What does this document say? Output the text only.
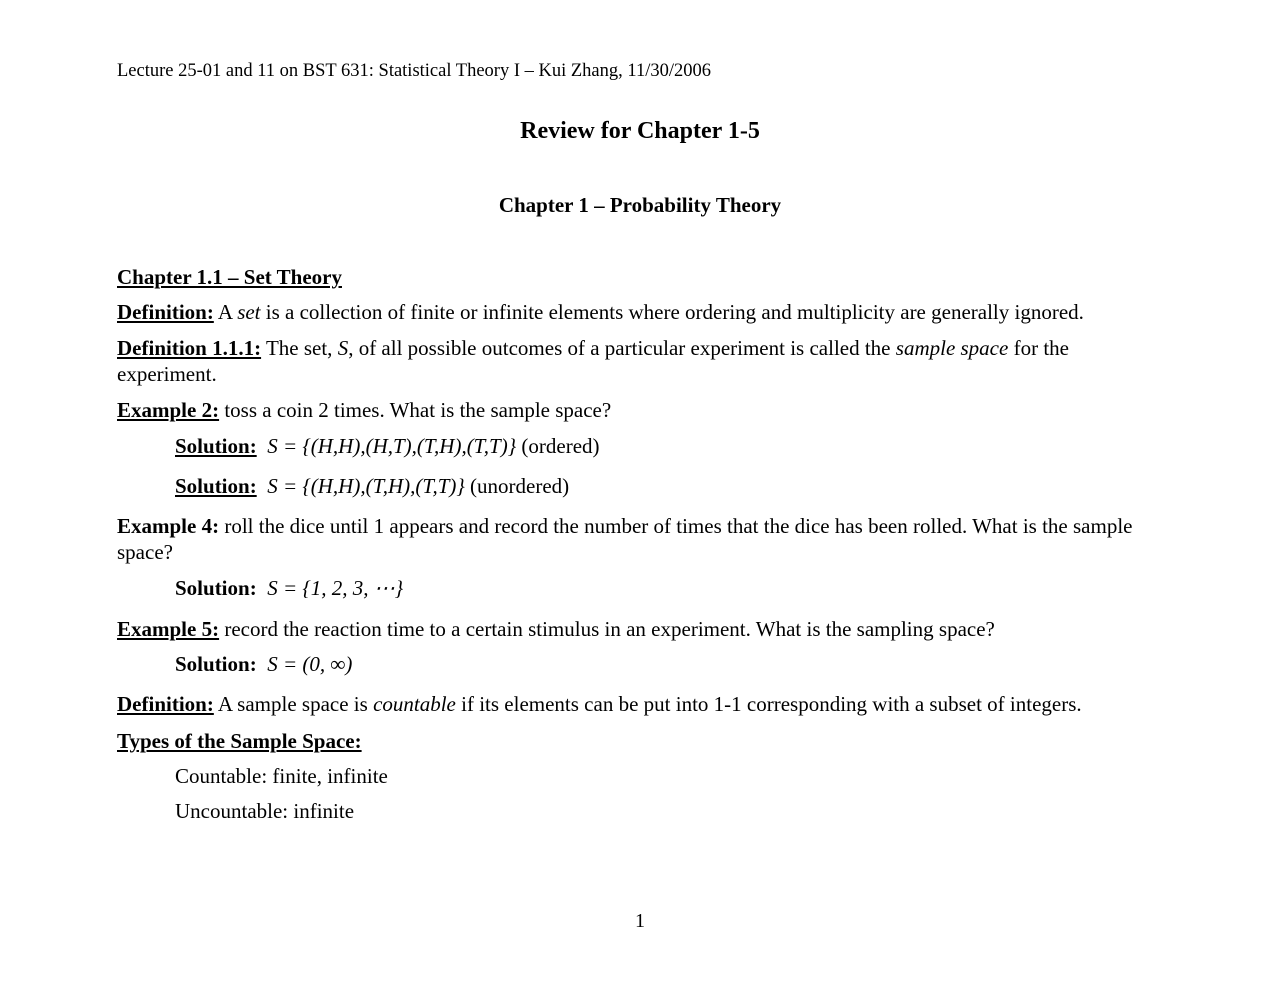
Lecture 25-01 and 11 on BST 631: Statistical Theory I – Kui Zhang, 11/30/2006
Review for Chapter 1-5
Chapter 1 – Probability Theory
Chapter 1.1 – Set Theory
Definition: A set is a collection of finite or infinite elements where ordering and multiplicity are generally ignored.
Definition 1.1.1: The set, S, of all possible outcomes of a particular experiment is called the sample space for the experiment.
Example 2: toss a coin 2 times. What is the sample space?
Solution: S = {(H,H),(H,T),(T,H),(T,T)} (ordered)
Solution: S = {(H,H),(T,H),(T,T)} (unordered)
Example 4: roll the dice until 1 appears and record the number of times that the dice has been rolled. What is the sample space?
Solution: S = {1, 2, 3, ⋯}
Example 5: record the reaction time to a certain stimulus in an experiment. What is the sampling space?
Solution: S = (0, ∞)
Definition: A sample space is countable if its elements can be put into 1-1 corresponding with a subset of integers.
Types of the Sample Space:
Countable: finite, infinite
Uncountable: infinite
1
